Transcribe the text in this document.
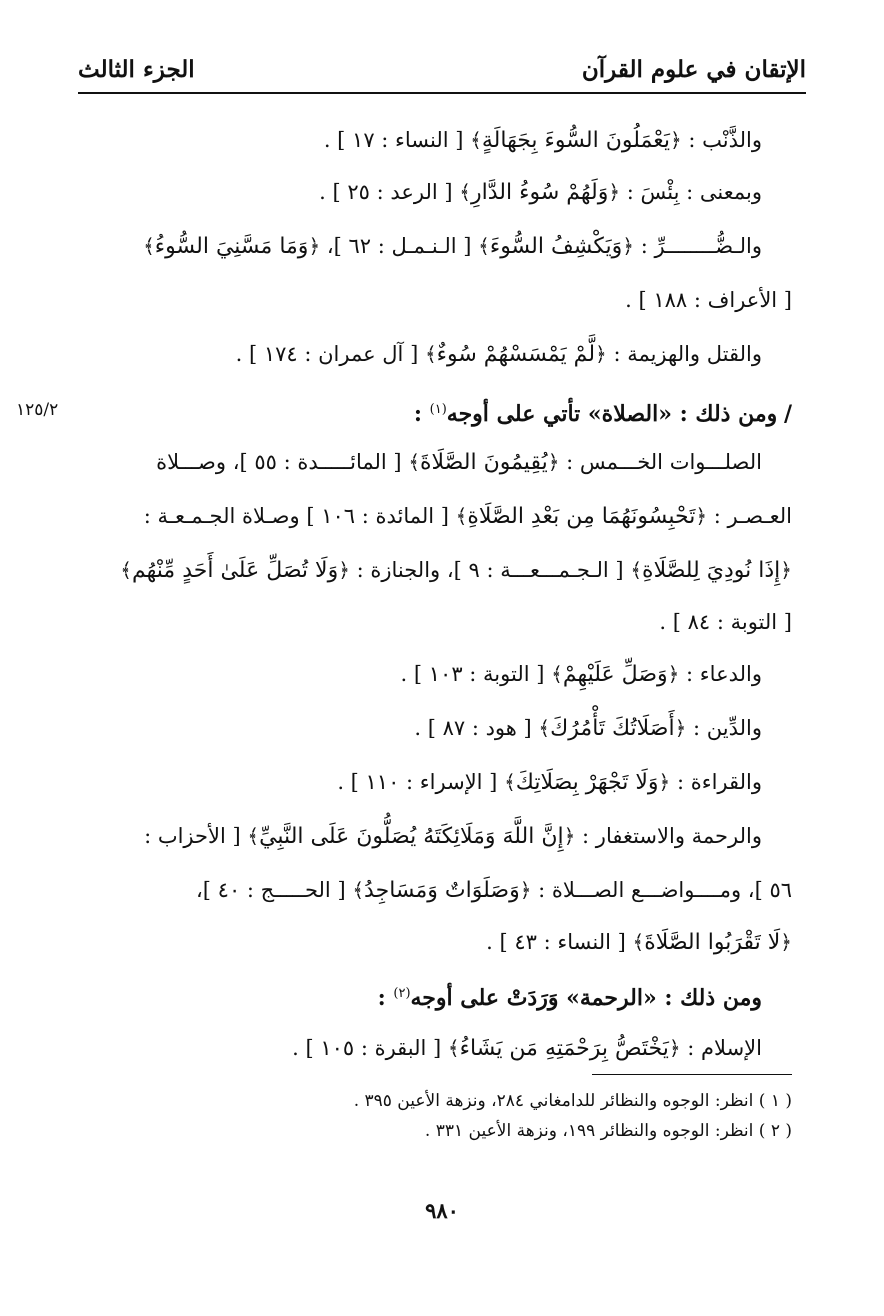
الإتقان في علوم القرآن
الجزء الثالث
١٢٥/٢
والذَّنْب : ﴿يَعْمَلُونَ السُّوءَ بِجَهَالَةٍ﴾ [ النساء : ١٧ ] .
وبمعنى : بِئْسَ : ﴿وَلَهُمْ سُوءُ الدَّارِ﴾ [ الرعد : ٢٥ ] .
والـضُّــــــــرِّ : ﴿وَيَكْشِفُ السُّوءَ﴾ [ الـنـمـل : ٦٢ ]، ﴿وَمَا مَسَّنِيَ السُّوءُ﴾
[ الأعراف : ١٨٨ ] .
والقتل والهزيمة : ﴿لَّمْ يَمْسَسْهُمْ سُوءٌ﴾ [ آل عمران : ١٧٤ ] .
/ ومن ذلك : «الصلاة» تأتي على أوجه$^{(١)}$ :
الصلـــوات الخـــمس : ﴿يُقِيمُونَ الصَّلَاةَ﴾ [ المائـــــدة : ٥٥ ]، وصـــلاة
العـصـر : ﴿تَحْبِسُونَهُمَا مِن بَعْدِ الصَّلَاةِ﴾ [ المائدة : ١٠٦ ] وصـلاة الجـمـعـة :
﴿إِذَا نُودِيَ لِلصَّلَاةِ﴾ [ الـجـمـــعـــة : ٩ ]، والجنازة : ﴿وَلَا تُصَلِّ عَلَىٰ أَحَدٍ مِّنْهُم﴾
[ التوبة : ٨٤ ] .
والدعاء : ﴿وَصَلِّ عَلَيْهِمْ﴾ [ التوبة : ١٠٣ ] .
والدِّين : ﴿أَصَلَاتُكَ تَأْمُرُكَ﴾ [ هود : ٨٧ ] .
والقراءة : ﴿وَلَا تَجْهَرْ بِصَلَاتِكَ﴾ [ الإسراء : ١١٠ ] .
والرحمة والاستغفار : ﴿إِنَّ اللَّهَ وَمَلَائِكَتَهُ يُصَلُّونَ عَلَى النَّبِيِّ﴾ [ الأحزاب :
٥٦ ]، ومــــواضـــع الصـــلاة : ﴿وَصَلَوَاتٌ وَمَسَاجِدُ﴾ [ الحـــــج : ٤٠ ]،
﴿لَا تَقْرَبُوا الصَّلَاةَ﴾ [ النساء : ٤٣ ] .
ومن ذلك : «الرحمة» وَرَدَتْ على أوجه$^{(٢)}$ :
الإسلام : ﴿يَخْتَصُّ بِرَحْمَتِهِ مَن يَشَاءُ﴾ [ البقرة : ١٠٥ ] .
( ١ ) انظر: الوجوه والنظائر للدامغاني ٢٨٤، ونزهة الأعين ٣٩٥ .
( ٢ ) انظر: الوجوه والنظائر ١٩٩، ونزهة الأعين ٣٣١ .
٩٨٠
